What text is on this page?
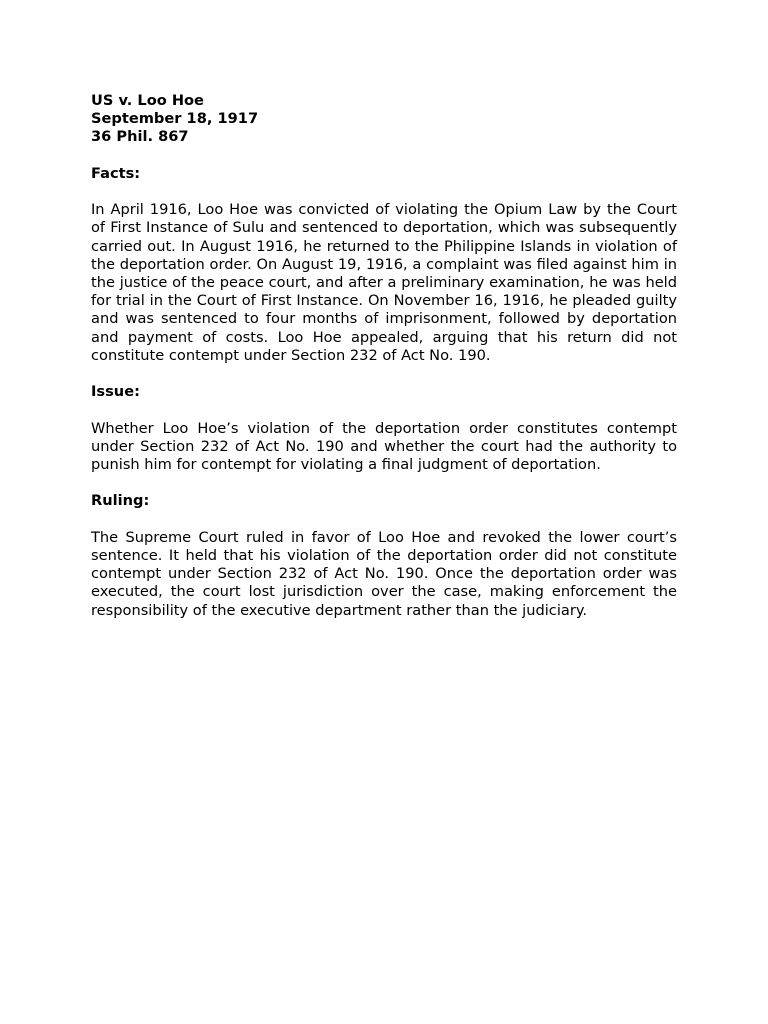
US v. Loo Hoe

September 18, 1917

36 Phil. 867

Facts:

In April 1916, Loo Hoe was convicted of violating the Opium Law by the Court of First Instance of Sulu and sentenced to deportation, which was subsequently carried out. In August 1916, he returned to the Philippine Islands in violation of the deportation order. On August 19, 1916, a complaint was filed against him in the justice of the peace court, and after a preliminary examination, he was held for trial in the Court of First Instance. On November 16, 1916, he pleaded guilty and was sentenced to four months of imprisonment, followed by deportation and payment of costs. Loo Hoe appealed, arguing that his return did not constitute contempt under Section 232 of Act No. 190.

Issue:

Whether Loo Hoe’s violation of the deportation order constitutes contempt under Section 232 of Act No. 190 and whether the court had the authority to punish him for contempt for violating a final judgment of deportation.

Ruling:

The Supreme Court ruled in favor of Loo Hoe and revoked the lower court’s sentence. It held that his violation of the deportation order did not constitute contempt under Section 232 of Act No. 190. Once the deportation order was executed, the court lost jurisdiction over the case, making enforcement the responsibility of the executive department rather than the judiciary.
